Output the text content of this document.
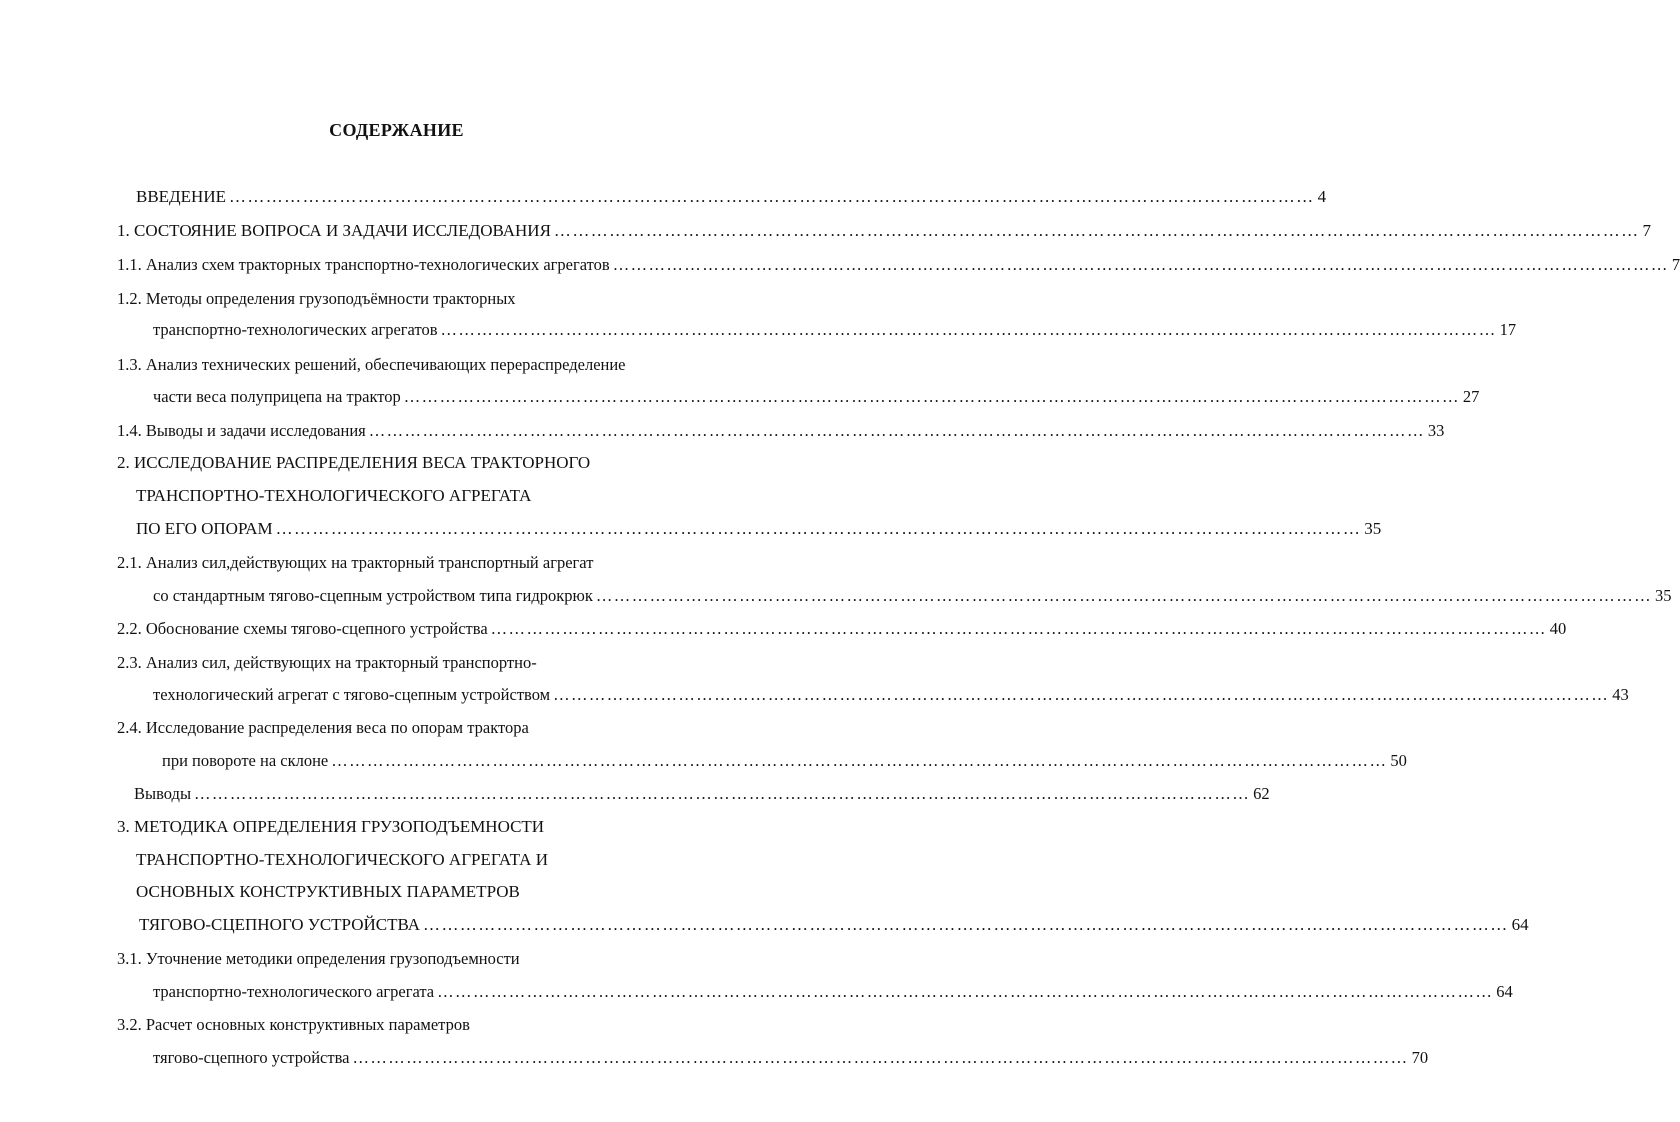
СОДЕРЖАНИЕ
ВВЕДЕНИЕ …………………………………………………………………………………………………………………………………………………………… 4
1. СОСТОЯНИЕ ВОПРОСА И ЗАДАЧИ ИССЛЕДОВАНИЯ …………………………………………………………………………………………………………………………………………………………… 7
1.1. Анализ схем тракторных транспортно-технологических агрегатов …………………………………………………………………………………………………………………………………………………………… 7
1.2. Методы определения грузоподъёмности тракторных
транспортно-технологических агрегатов …………………………………………………………………………………………………………………………………………………………… 17
1.3. Анализ технических решений, обеспечивающих перераспределение
части веса полуприцепа на трактор …………………………………………………………………………………………………………………………………………………………… 27
1.4. Выводы и задачи исследования …………………………………………………………………………………………………………………………………………………………… 33
2. ИССЛЕДОВАНИЕ РАСПРЕДЕЛЕНИЯ ВЕСА ТРАКТОРНОГО
ТРАНСПОРТНО-ТЕХНОЛОГИЧЕСКОГО АГРЕГАТА
ПО ЕГО ОПОРАМ …………………………………………………………………………………………………………………………………………………………… 35
2.1. Анализ сил,действующих на тракторный транспортный агрегат
со стандартным тягово-сцепным устройством типа гидрокрюк …………………………………………………………………………………………………………………………………………………………… 35
2.2. Обоснование схемы тягово-сцепного устройства …………………………………………………………………………………………………………………………………………………………… 40
2.3. Анализ сил, действующих на тракторный транспортно-
технологический агрегат с тягово-сцепным устройством …………………………………………………………………………………………………………………………………………………………… 43
2.4. Исследование распределения веса по опорам трактора
при повороте на склоне …………………………………………………………………………………………………………………………………………………………… 50
Выводы …………………………………………………………………………………………………………………………………………………………… 62
3. МЕТОДИКА ОПРЕДЕЛЕНИЯ ГРУЗОПОДЪЕМНОСТИ
ТРАНСПОРТНО-ТЕХНОЛОГИЧЕСКОГО АГРЕГАТА И
ОСНОВНЫХ КОНСТРУКТИВНЫХ ПАРАМЕТРОВ
ТЯГОВО-СЦЕПНОГО УСТРОЙСТВА …………………………………………………………………………………………………………………………………………………………… 64
3.1. Уточнение методики определения грузоподъемности
транспортно-технологического агрегата …………………………………………………………………………………………………………………………………………………………… 64
3.2. Расчет основных конструктивных параметров
тягово-сцепного устройства …………………………………………………………………………………………………………………………………………………………… 70
